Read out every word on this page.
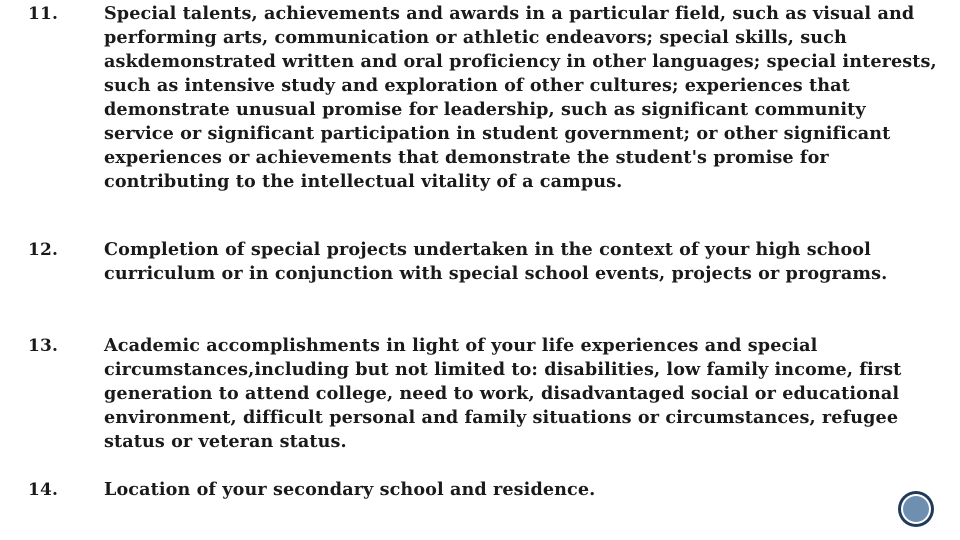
11.	Special talents, achievements and awards in a particular field, such as visual and performing arts, communication or athletic endeavors; special skills, such askdemonstrated written and oral proficiency in other languages; special interests, such as intensive study and exploration of other cultures; experiences that demonstrate unusual promise for leadership, such as significant community service or significant participation in student government; or other significant experiences or achievements that demonstrate the student's promise for contributing to the intellectual vitality of a campus.
12.	Completion of special projects undertaken in the context of your high school curriculum or in conjunction with special school events, projects or programs.
13.	Academic accomplishments in light of your life experiences and special circumstances,including but not limited to: disabilities, low family income, first generation to attend college, need to work, disadvantaged social or educational environment, difficult personal and family situations or circumstances, refugee status or veteran status.
14.	Location of your secondary school and residence.
